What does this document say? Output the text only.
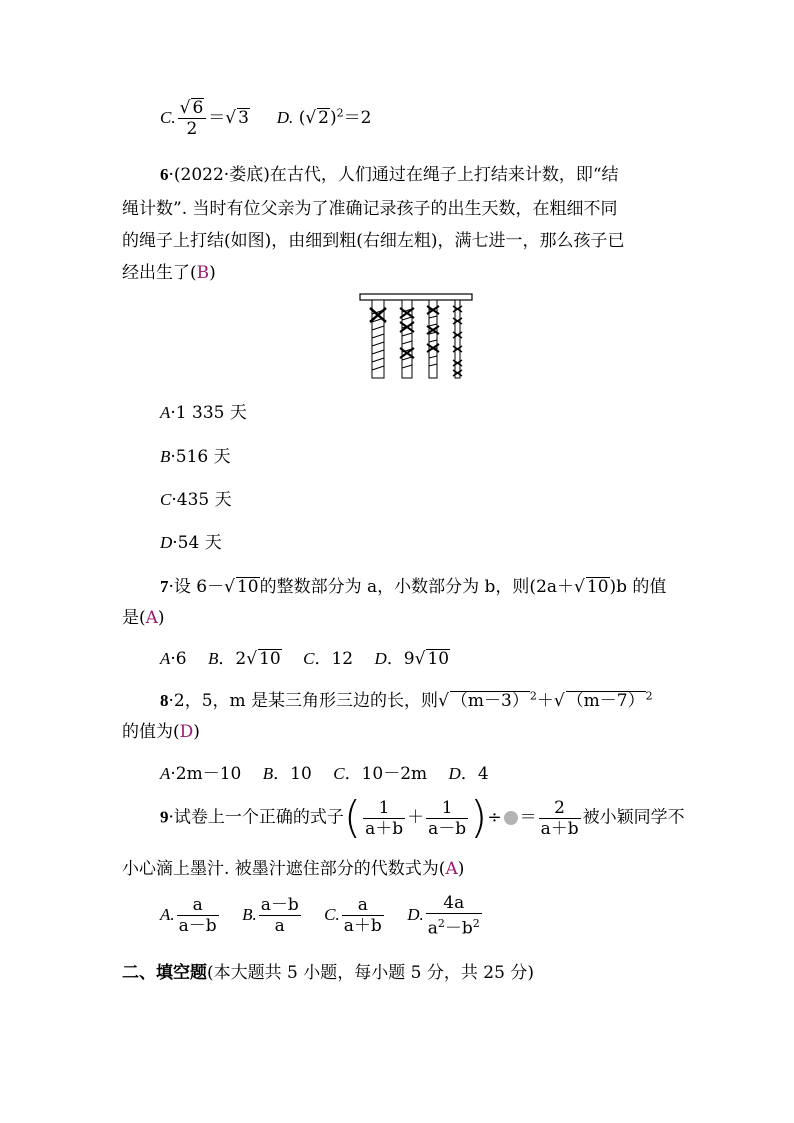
C. $\frac{√ 6}{2}$ ＝√ 3 D. (√ 2)$^2$＝2
6·(2022·娄底)在古代，人们通过在绳子上打结来计数，即“结
绳计数”. 当时有位父亲为了准确记录孩子的出生天数，在粗细不同
的绳子上打结(如图)，由细到粗(右细左粗)，满七进一，那么孩子已
经出生了(B)
A·1 335 天
B·516 天
C·435 天
D·54 天
7·设 6－√ 10的整数部分为 a，小数部分为 b，则(2a＋√ 10)b 的值
是(A)
A·6 B．2√ 10 C．12 D．9√ 10
8·2，5，m 是某三角形三边的长，则√ $(m-3)^2+√$ $(m-7)^2$
的值为(D)
A·2m－10 B．10 C．10－2m D．4
9·试卷上一个正确的式子( $\frac{1}{a+b} + \frac{1}{a-b}$ )÷ ＝ $\frac{2}{a+b}$ 被小颖同学不
小心滴上墨汁. 被墨汁遮住部分的代数式为(A)
A. $\frac{a}{a-b} B$. $\frac{a-b}{a} C$. $\frac{a}{a+b} D$. $\frac{4a}{a^2-b^2}$
二、填空题(本大题共 5 小题，每小题 5 分，共 25 分)
